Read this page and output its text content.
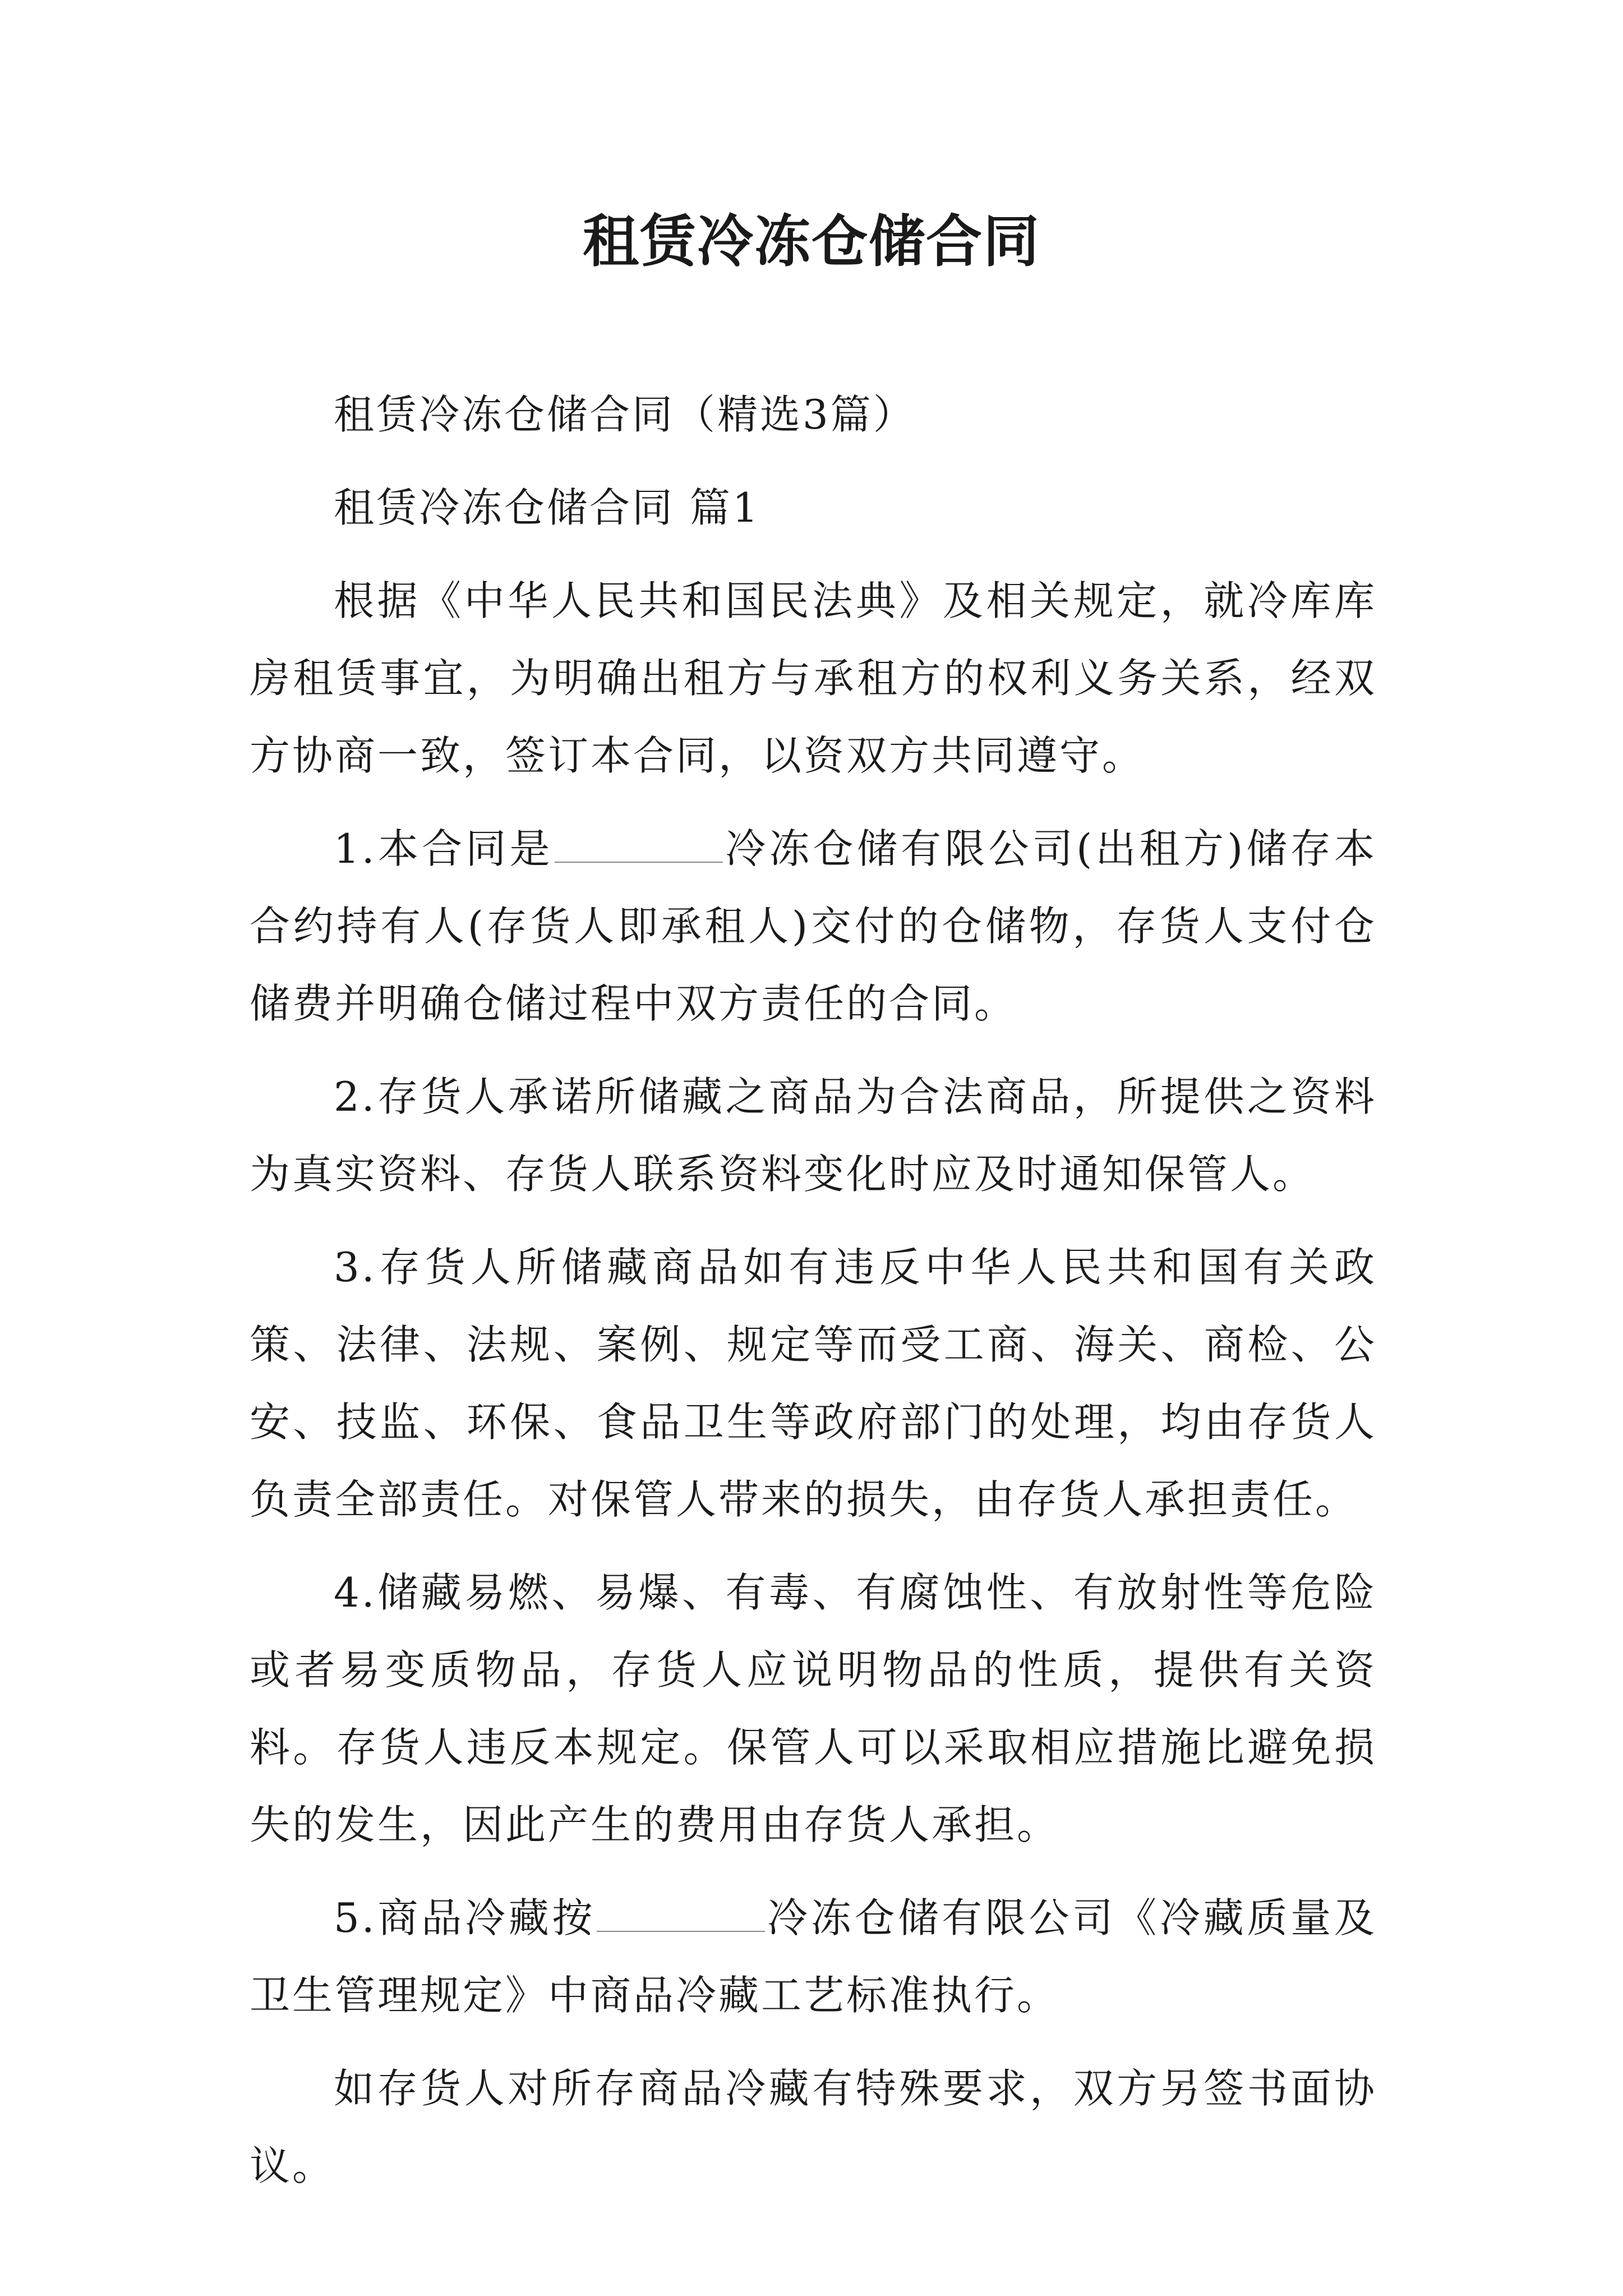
租赁冷冻仓储合同

租赁冷冻仓储合同（精选3篇）

租赁冷冻仓储合同 篇1

根据《中华人民共和国民法典》及相关规定，就冷库库房租赁事宜，为明确出租方与承租方的权利义务关系，经双方协商一致，签订本合同，以资双方共同遵守。

1.本合同是	冷冻仓储有限公司(出租方)储存本合约持有人(存货人即承租人)交付的仓储物，存货人支付仓储费并明确仓储过程中双方责任的合同。

2.存货人承诺所储藏之商品为合法商品，所提供之资料为真实资料、存货人联系资料变化时应及时通知保管人。

3.存货人所储藏商品如有违反中华人民共和国有关政策、法律、法规、案例、规定等而受工商、海关、商检、公安、技监、环保、食品卫生等政府部门的处理，均由存货人负责全部责任。对保管人带来的损失，由存货人承担责任。

4.储藏易燃、易爆、有毒、有腐蚀性、有放射性等危险或者易变质物品，存货人应说明物品的性质，提供有关资料。存货人违反本规定。保管人可以采取相应措施比避免损失的发生，因此产生的费用由存货人承担。

5.商品冷藏按	冷冻仓储有限公司《冷藏质量及卫生管理规定》中商品冷藏工艺标准执行。

如存货人对所存商品冷藏有特殊要求，双方另签书面协议。
